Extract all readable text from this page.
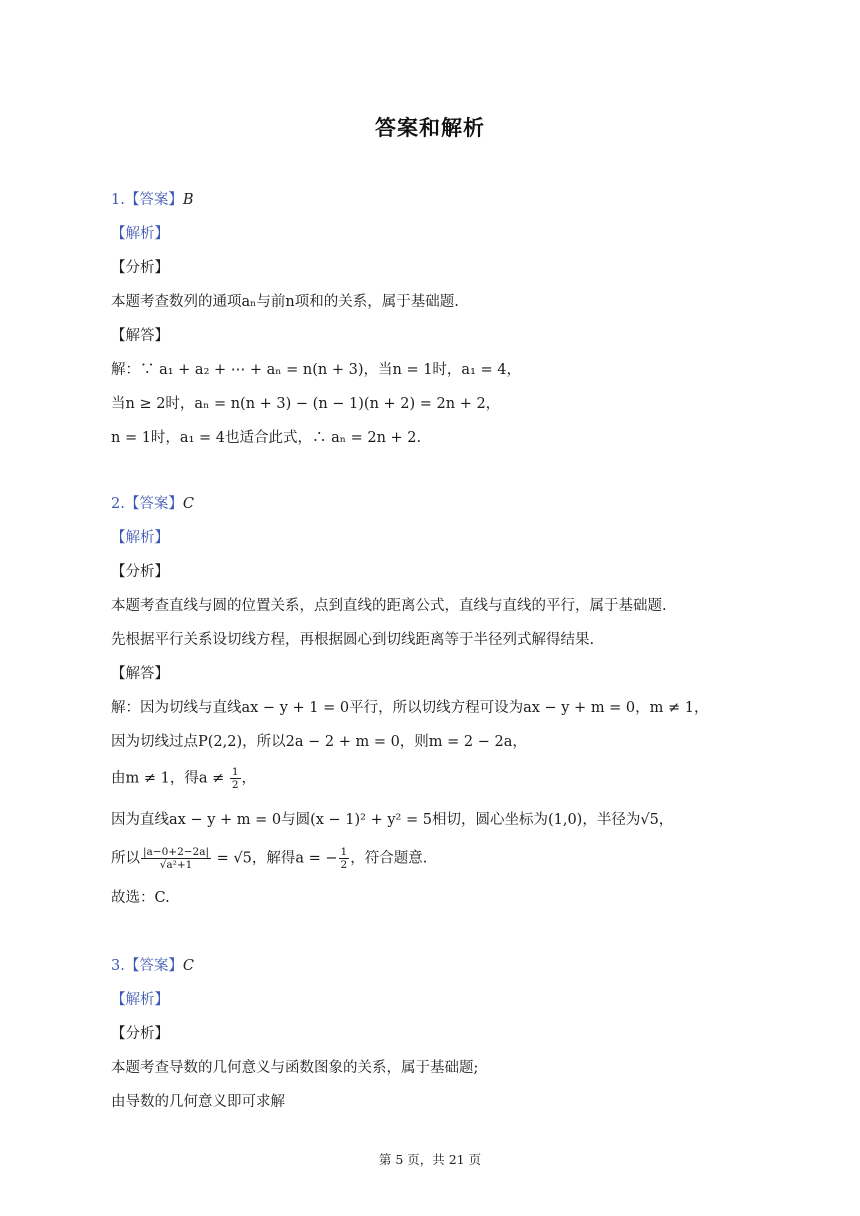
答案和解析
1.【答案】B
【解析】
【分析】
本题考查数列的通项aₙ与前n项和的关系，属于基础题.
【解答】
解：∵ a₁ + a₂ + ⋯ + aₙ = n(n + 3)，当n = 1时，a₁ = 4，
当n ≥ 2时，aₙ = n(n + 3) − (n − 1)(n + 2) = 2n + 2，
n = 1时，a₁ = 4也适合此式，∴ aₙ = 2n + 2.
2.【答案】C
【解析】
【分析】
本题考查直线与圆的位置关系，点到直线的距离公式，直线与直线的平行，属于基础题.
先根据平行关系设切线方程，再根据圆心到切线距离等于半径列式解得结果.
【解答】
解：因为切线与直线ax − y + 1 = 0平行，所以切线方程可设为ax − y + m = 0，m ≠ 1，
因为切线过点P(2,2)，所以2a − 2 + m = 0，则m = 2 − 2a，
由m ≠ 1，得$a \ne \frac{1}{2}$ ，
因为直线ax − y + m = 0与圆(x − 1)² + y² = 5相切，圆心坐标为(1,0)，半径为√5，
所以 $\frac{|a-0+2-2a|}{\text{√a²+1}} = √5$，解得a = − $\frac{1}{2}$ ，符合题意.
故选：C.
3.【答案】C
【解析】
【分析】
本题考查导数的几何意义与函数图象的关系，属于基础题;
由导数的几何意义即可求解
第 5 页，共 21 页
